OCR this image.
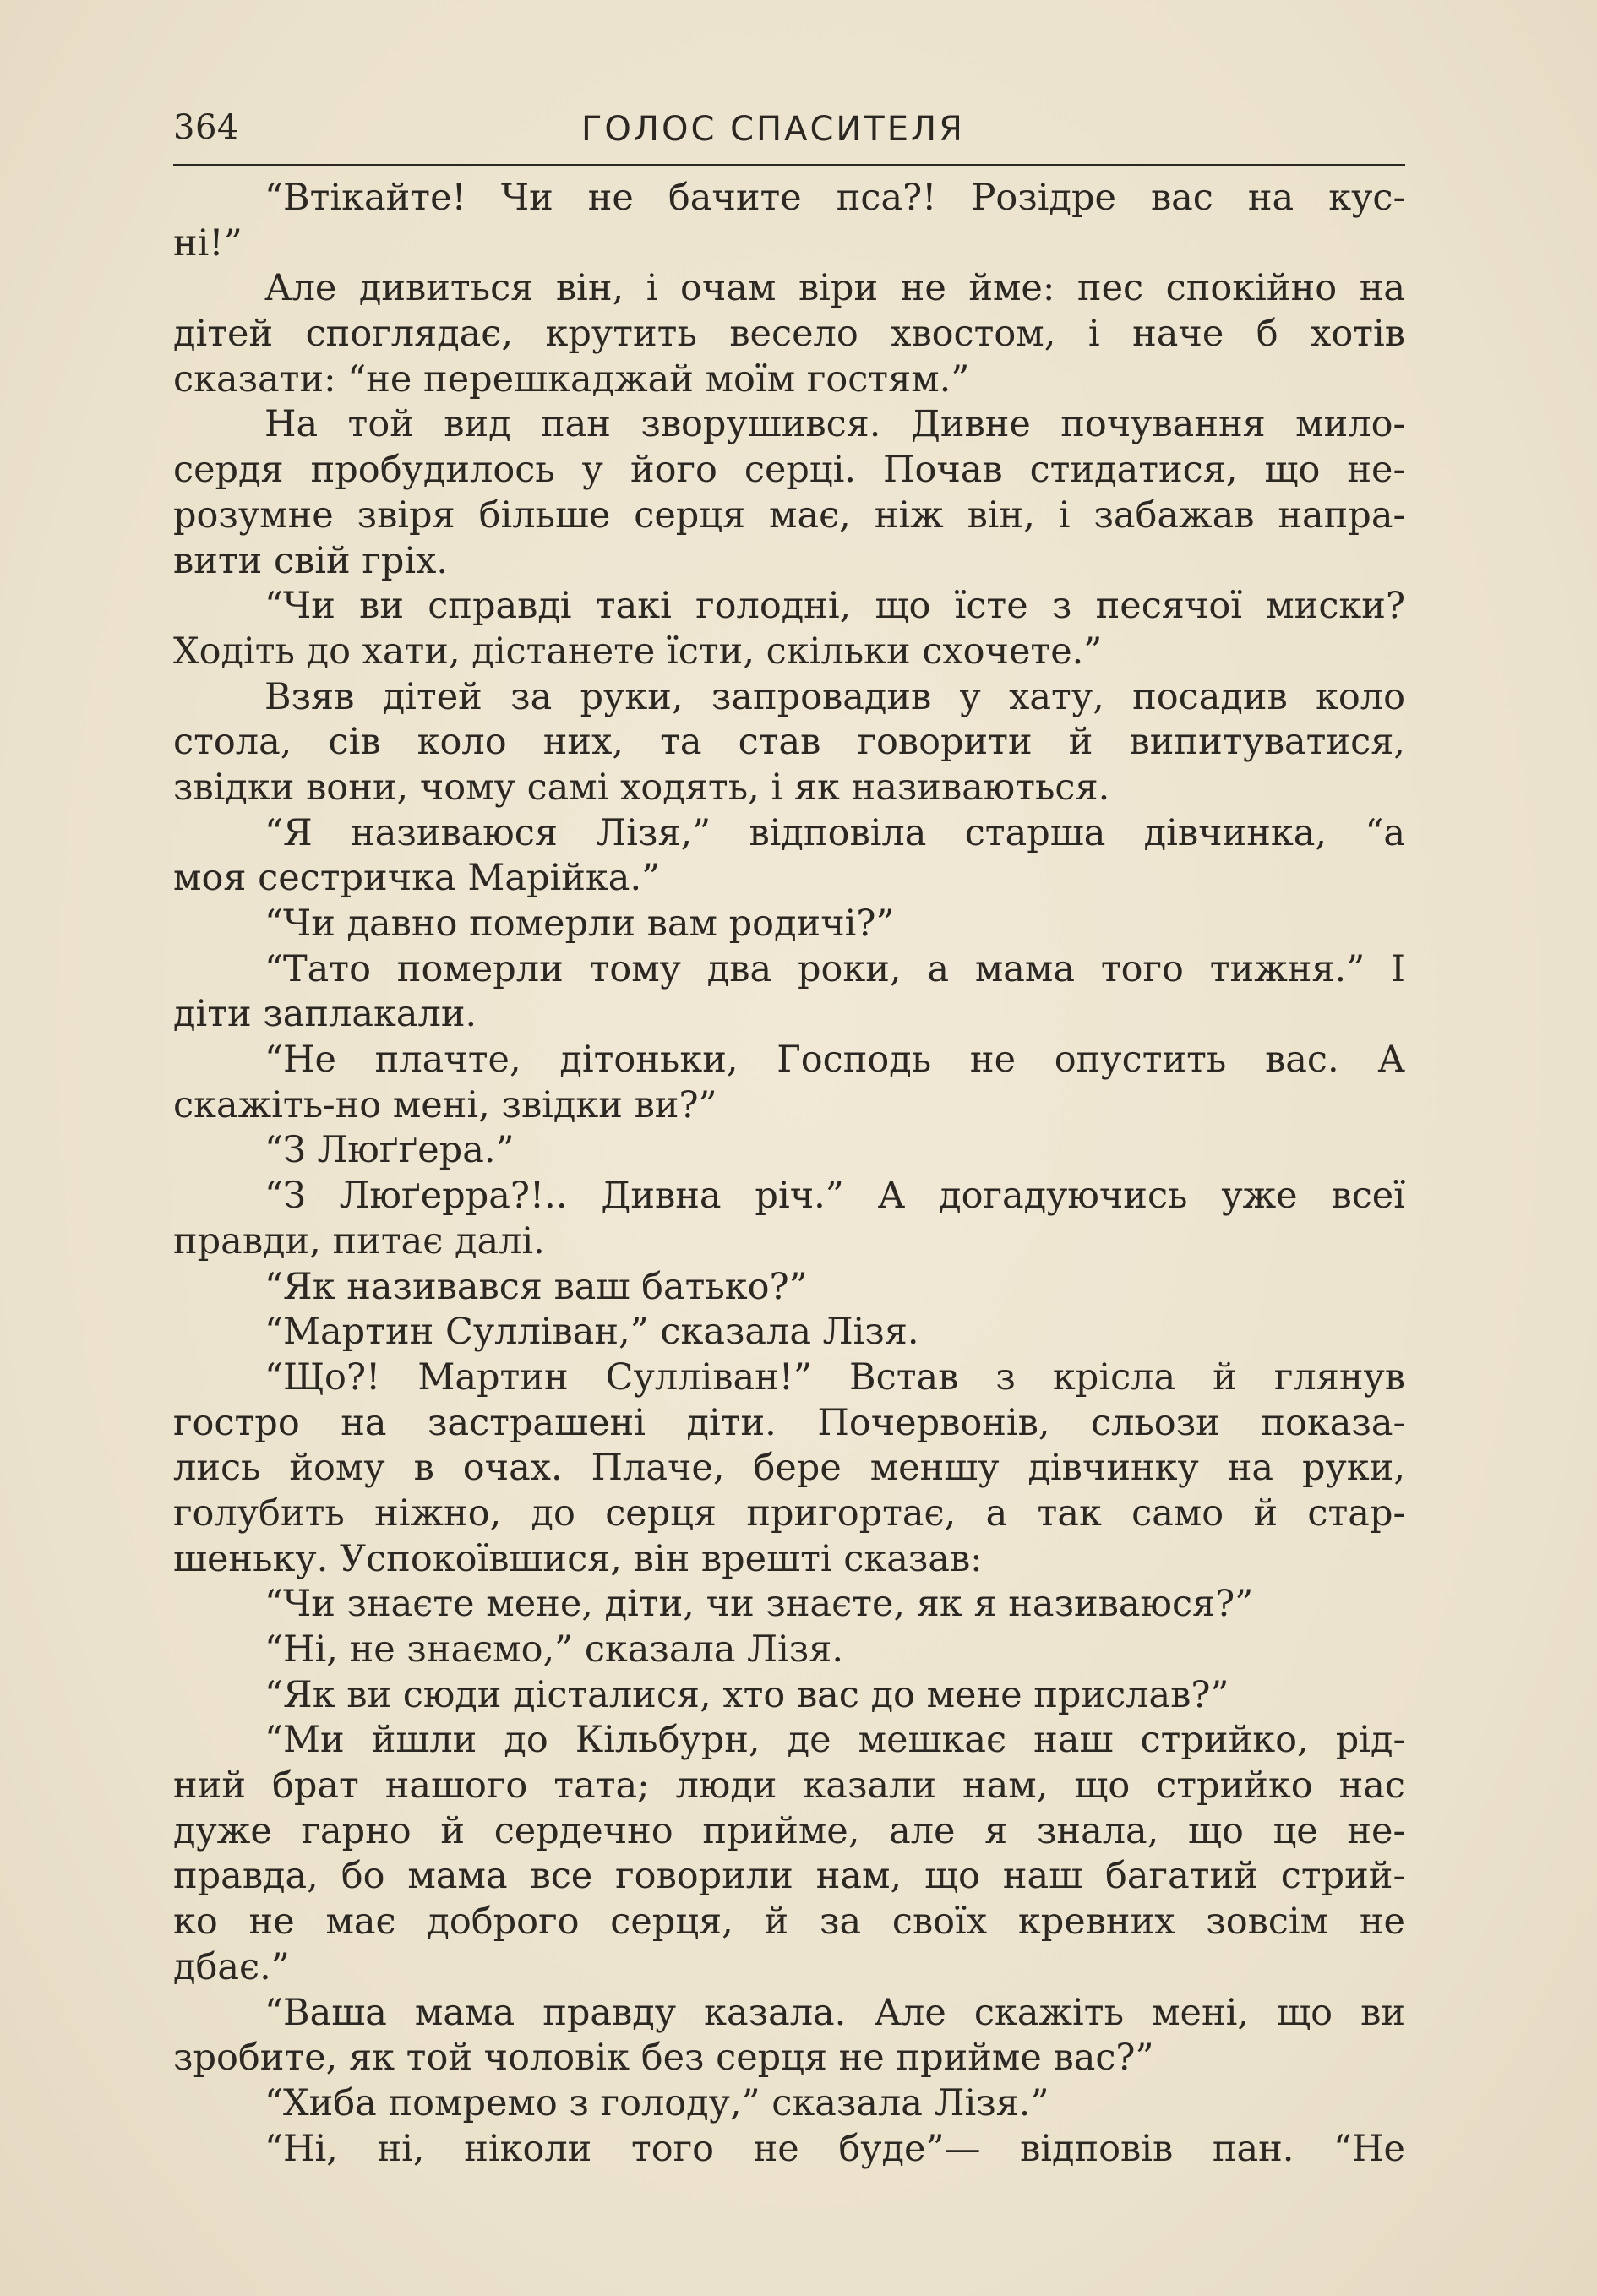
364	ГОЛОС СПАСИТЕЛЯ
“Втікайте! Чи не бачите пса?! Розідре вас на кус-
ні!”
Але дивиться він, і очам віри не йме: пес спокійно на
дітей споглядає, крутить весело хвостом, і наче б хотів
сказати: “не перешкаджай моїм гостям.”
На той вид пан зворушився. Дивне почування мило-
сердя пробудилось у його серці. Почав стидатися, що не-
розумне звіря більше серця має, ніж він, і забажав напра-
вити свій гріх.
“Чи ви справді такі голодні, що їсте з песячої миски?
Ходіть до хати, дістанете їсти, скільки схочете.”
Взяв дітей за руки, запровадив у хату, посадив коло
стола, сів коло них, та став говорити й випитуватися,
звідки вони, чому самі ходять, і як називаються.
“Я називаюся Лізя,” відповіла старша дівчинка, “а
моя сестричка Марійка.”
“Чи давно померли вам родичі?”
“Тато померли тому два роки, а мама того тижня.” І
діти заплакали.
“Не плачте, дітоньки, Господь не опустить вас. А
скажіть-но мені, звідки ви?”
“З Люґґера.”
“З Люґерра?!.. Дивна річ.” А догадуючись уже всеї
правди, питає далі.
“Як називався ваш батько?”
“Мартин Сулліван,” сказала Лізя.
“Що?! Мартин Сулліван!” Встав з крісла й глянув
гостро на застрашені діти. Почервонів, сльози показа-
лись йому в очах. Плаче, бере меншу дівчинку на руки,
голубить ніжно, до серця пригортає, а так само й стар-
шеньку. Успокоївшися, він врешті сказав:
“Чи знаєте мене, діти, чи знаєте, як я називаюся?”
“Ні, не знаємо,” сказала Лізя.
“Як ви сюди дісталися, хто вас до мене прислав?”
“Ми йшли до Кільбурн, де мешкає наш стрийко, рід-
ний брат нашого тата; люди казали нам, що стрийко нас
дуже гарно й сердечно прийме, але я знала, що це не-
правда, бо мама все говорили нам, що наш багатий стрий-
ко не має доброго серця, й за своїх кревних зовсім не
дбає.”
“Ваша мама правду казала. Але скажіть мені, що ви
зробите, як той чоловік без серця не прийме вас?”
“Хиба помремо з голоду,” сказала Лізя.”
“Ні, ні, ніколи того не буде”— відповів пан. “Не
